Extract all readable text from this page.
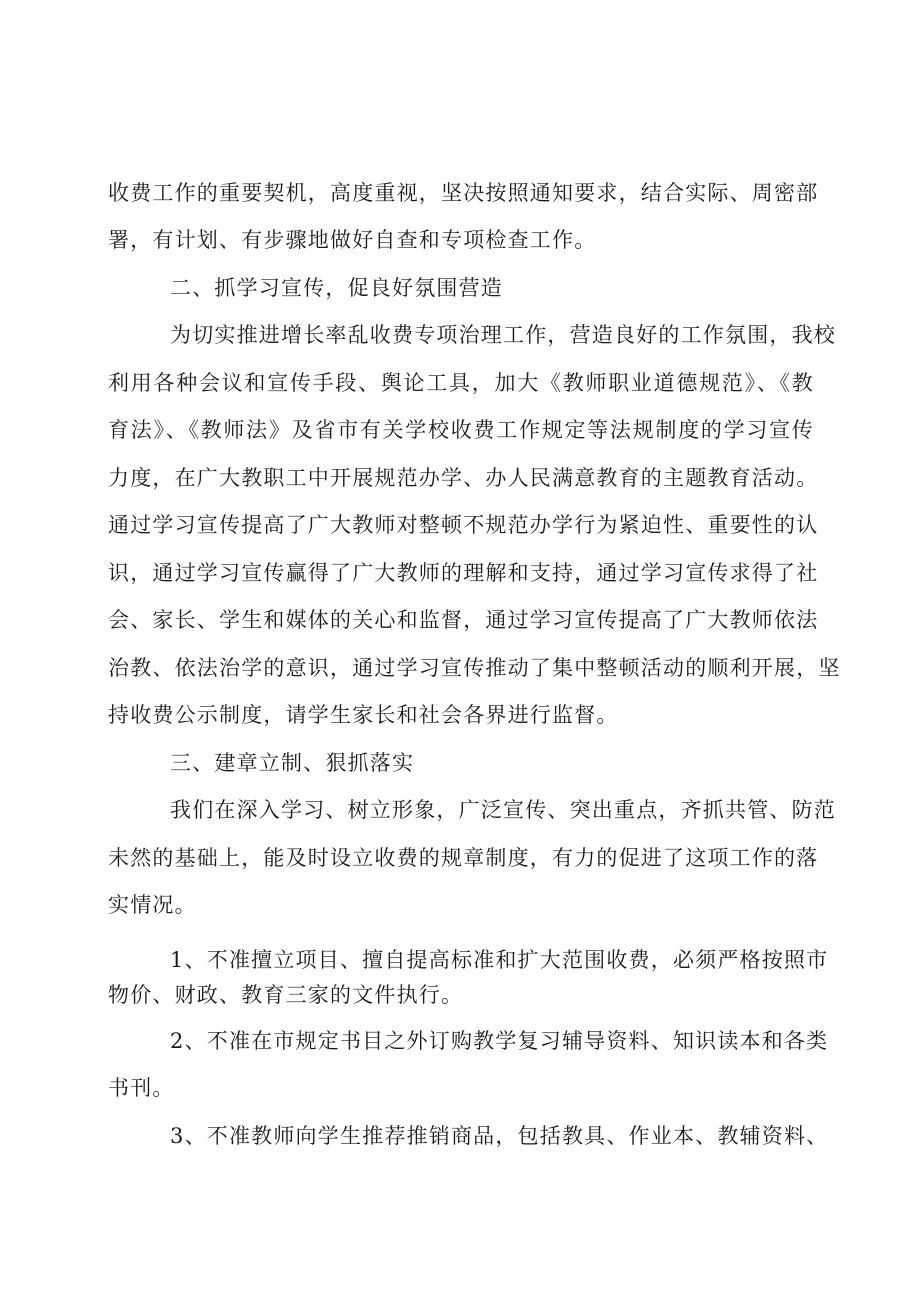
收费工作的重要契机，高度重视，坚决按照通知要求，结合实际、周密部
署，有计划、有步骤地做好自查和专项检查工作。
二、抓学习宣传，促良好氛围营造
为切实推进增长率乱收费专项治理工作，营造良好的工作氛围，我校
利用各种会议和宣传手段、舆论工具，加大《教师职业道德规范》、《教
育法》、《教师法》及省市有关学校收费工作规定等法规制度的学习宣传
力度，在广大教职工中开展规范办学、办人民满意教育的主题教育活动。
通过学习宣传提高了广大教师对整顿不规范办学行为紧迫性、重要性的认
识，通过学习宣传赢得了广大教师的理解和支持，通过学习宣传求得了社
会、家长、学生和媒体的关心和监督，通过学习宣传提高了广大教师依法
治教、依法治学的意识，通过学习宣传推动了集中整顿活动的顺利开展，坚
持收费公示制度，请学生家长和社会各界进行监督。
三、建章立制、狠抓落实
我们在深入学习、树立形象，广泛宣传、突出重点，齐抓共管、防范
未然的基础上，能及时设立收费的规章制度，有力的促进了这项工作的落
实情况。
1、不准擅立项目、擅自提高标准和扩大范围收费，必须严格按照市
物价、财政、教育三家的文件执行。
2、不准在市规定书目之外订购教学复习辅导资料、知识读本和各类
书刊。
3、不准教师向学生推荐推销商品，包括教具、作业本、教辅资料、
